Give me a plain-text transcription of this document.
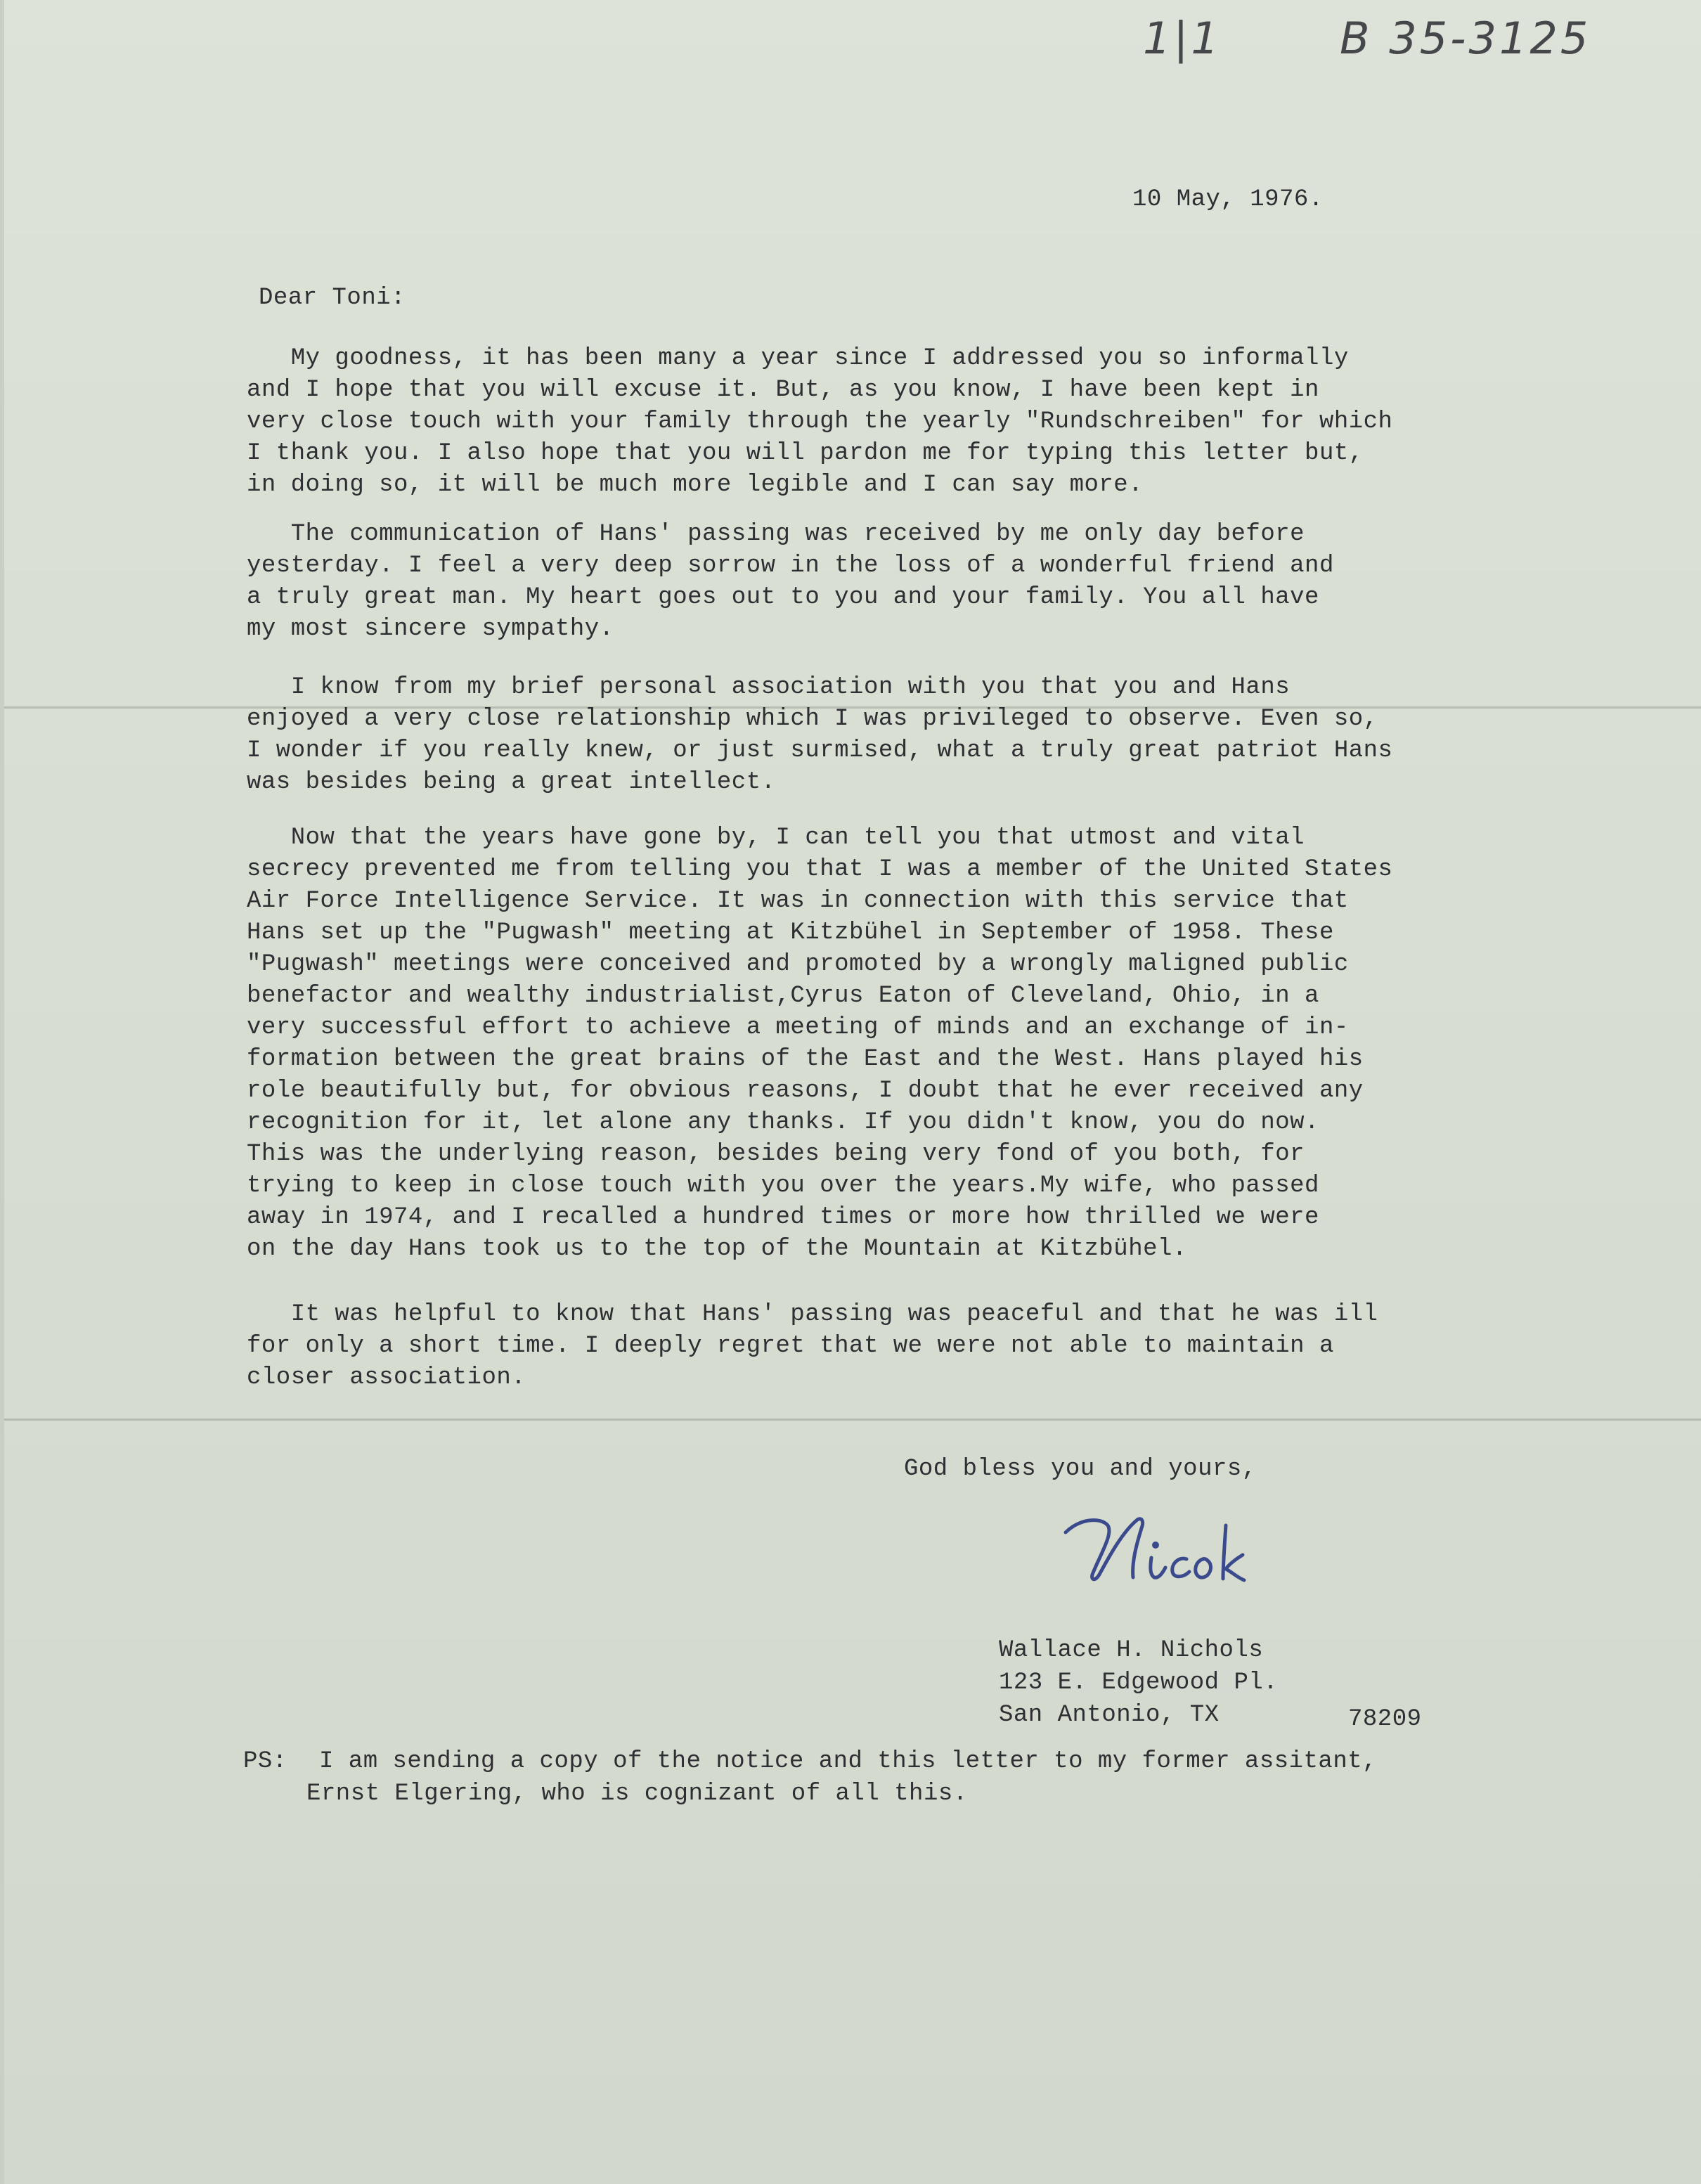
1|1	B 35-3125
10 May, 1976.
Dear Toni:
My goodness, it has been many a year since I addressed you so informally
and I hope that you will excuse it. But, as you know, I have been kept in
very close touch with your family through the yearly "Rundschreiben" for which
I thank you. I also hope that you will pardon me for typing this letter but,
in doing so, it will be much more legible and I can say more.
The communication of Hans' passing was received by me only day before
yesterday. I feel a very deep sorrow in the loss of a wonderful friend and
a truly great man. My heart goes out to you and your family. You all have
my most sincere sympathy.
I know from my brief personal association with you that you and Hans
enjoyed a very close relationship which I was privileged to observe. Even so,
I wonder if you really knew, or just surmised, what a truly great patriot Hans
was besides being a great intellect.
Now that the years have gone by, I can tell you that utmost and vital
secrecy prevented me from telling you that I was a member of the United States
Air Force Intelligence Service. It was in connection with this service that
Hans set up the "Pugwash" meeting at Kitzbühel in September of 1958. These
"Pugwash" meetings were conceived and promoted by a wrongly maligned public
benefactor and wealthy industrialist,Cyrus Eaton of Cleveland, Ohio, in a
very successful effort to achieve a meeting of minds and an exchange of in-
formation between the great brains of the East and the West. Hans played his
role beautifully but, for obvious reasons, I doubt that he ever received any
recognition for it, let alone any thanks. If you didn't know, you do now.
This was the underlying reason, besides being very fond of you both, for
trying to keep in close touch with you over the years.My wife, who passed
away in 1974, and I recalled a hundred times or more how thrilled we were
on the day Hans took us to the top of the Mountain at Kitzbühel.
It was helpful to know that Hans' passing was peaceful and that he was ill
for only a short time. I deeply regret that we were not able to maintain a
closer association.
God bless you and yours,
Wallace H. Nichols
123 E. Edgewood Pl.
San Antonio, TX	78209
PS: I am sending a copy of the notice and this letter to my former assitant,
Ernst Elgering, who is cognizant of all this.
